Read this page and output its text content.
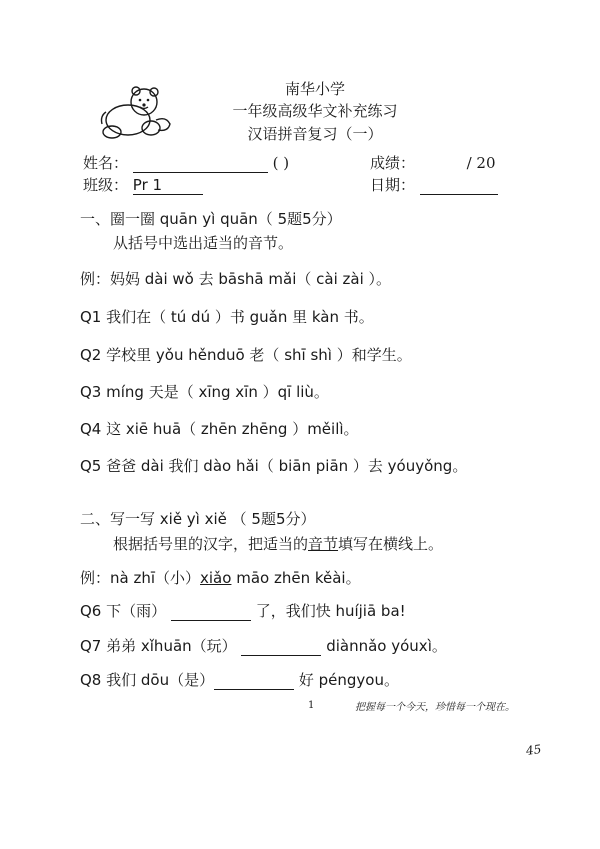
南华小学
一年级高级华文补充练习
汉语拼音复习（一）
姓名：	( )	成绩：	/ 20
班级： Pr 1	日期：
一、圈一圈 quān yì quān（ 5题5分）
从括号中选出适当的音节。
例：妈妈 dài wǒ 去 bāshā mǎi（ cài zài ）。
Q1 我们在（ tú dú ）书 guǎn 里 kàn 书。
Q2 学校里 yǒu hěnduō 老（ shī shì ）和学生。
Q3 míng 天是（ xīng xīn ）qī liù。
Q4 这 xiē huā（ zhēn zhēng ）měilì。
Q5 爸爸 dài 我们 dào hǎi（ biān piān ）去 yóuyǒng。
二、写一写 xiě yì xiě （ 5题5分）
根据括号里的汉字，把适当的音节填写在横线上。
例：nà zhī（小）xiǎo māo zhēn kěài。
Q6 下（雨）	了，我们快 huíjiā ba!
Q7 弟弟 xǐhuān（玩）	diànnǎo yóuxì。
Q8 我们 dōu（是）	好 péngyou。
1	把握每一个今天，珍惜每一个现在。
45
